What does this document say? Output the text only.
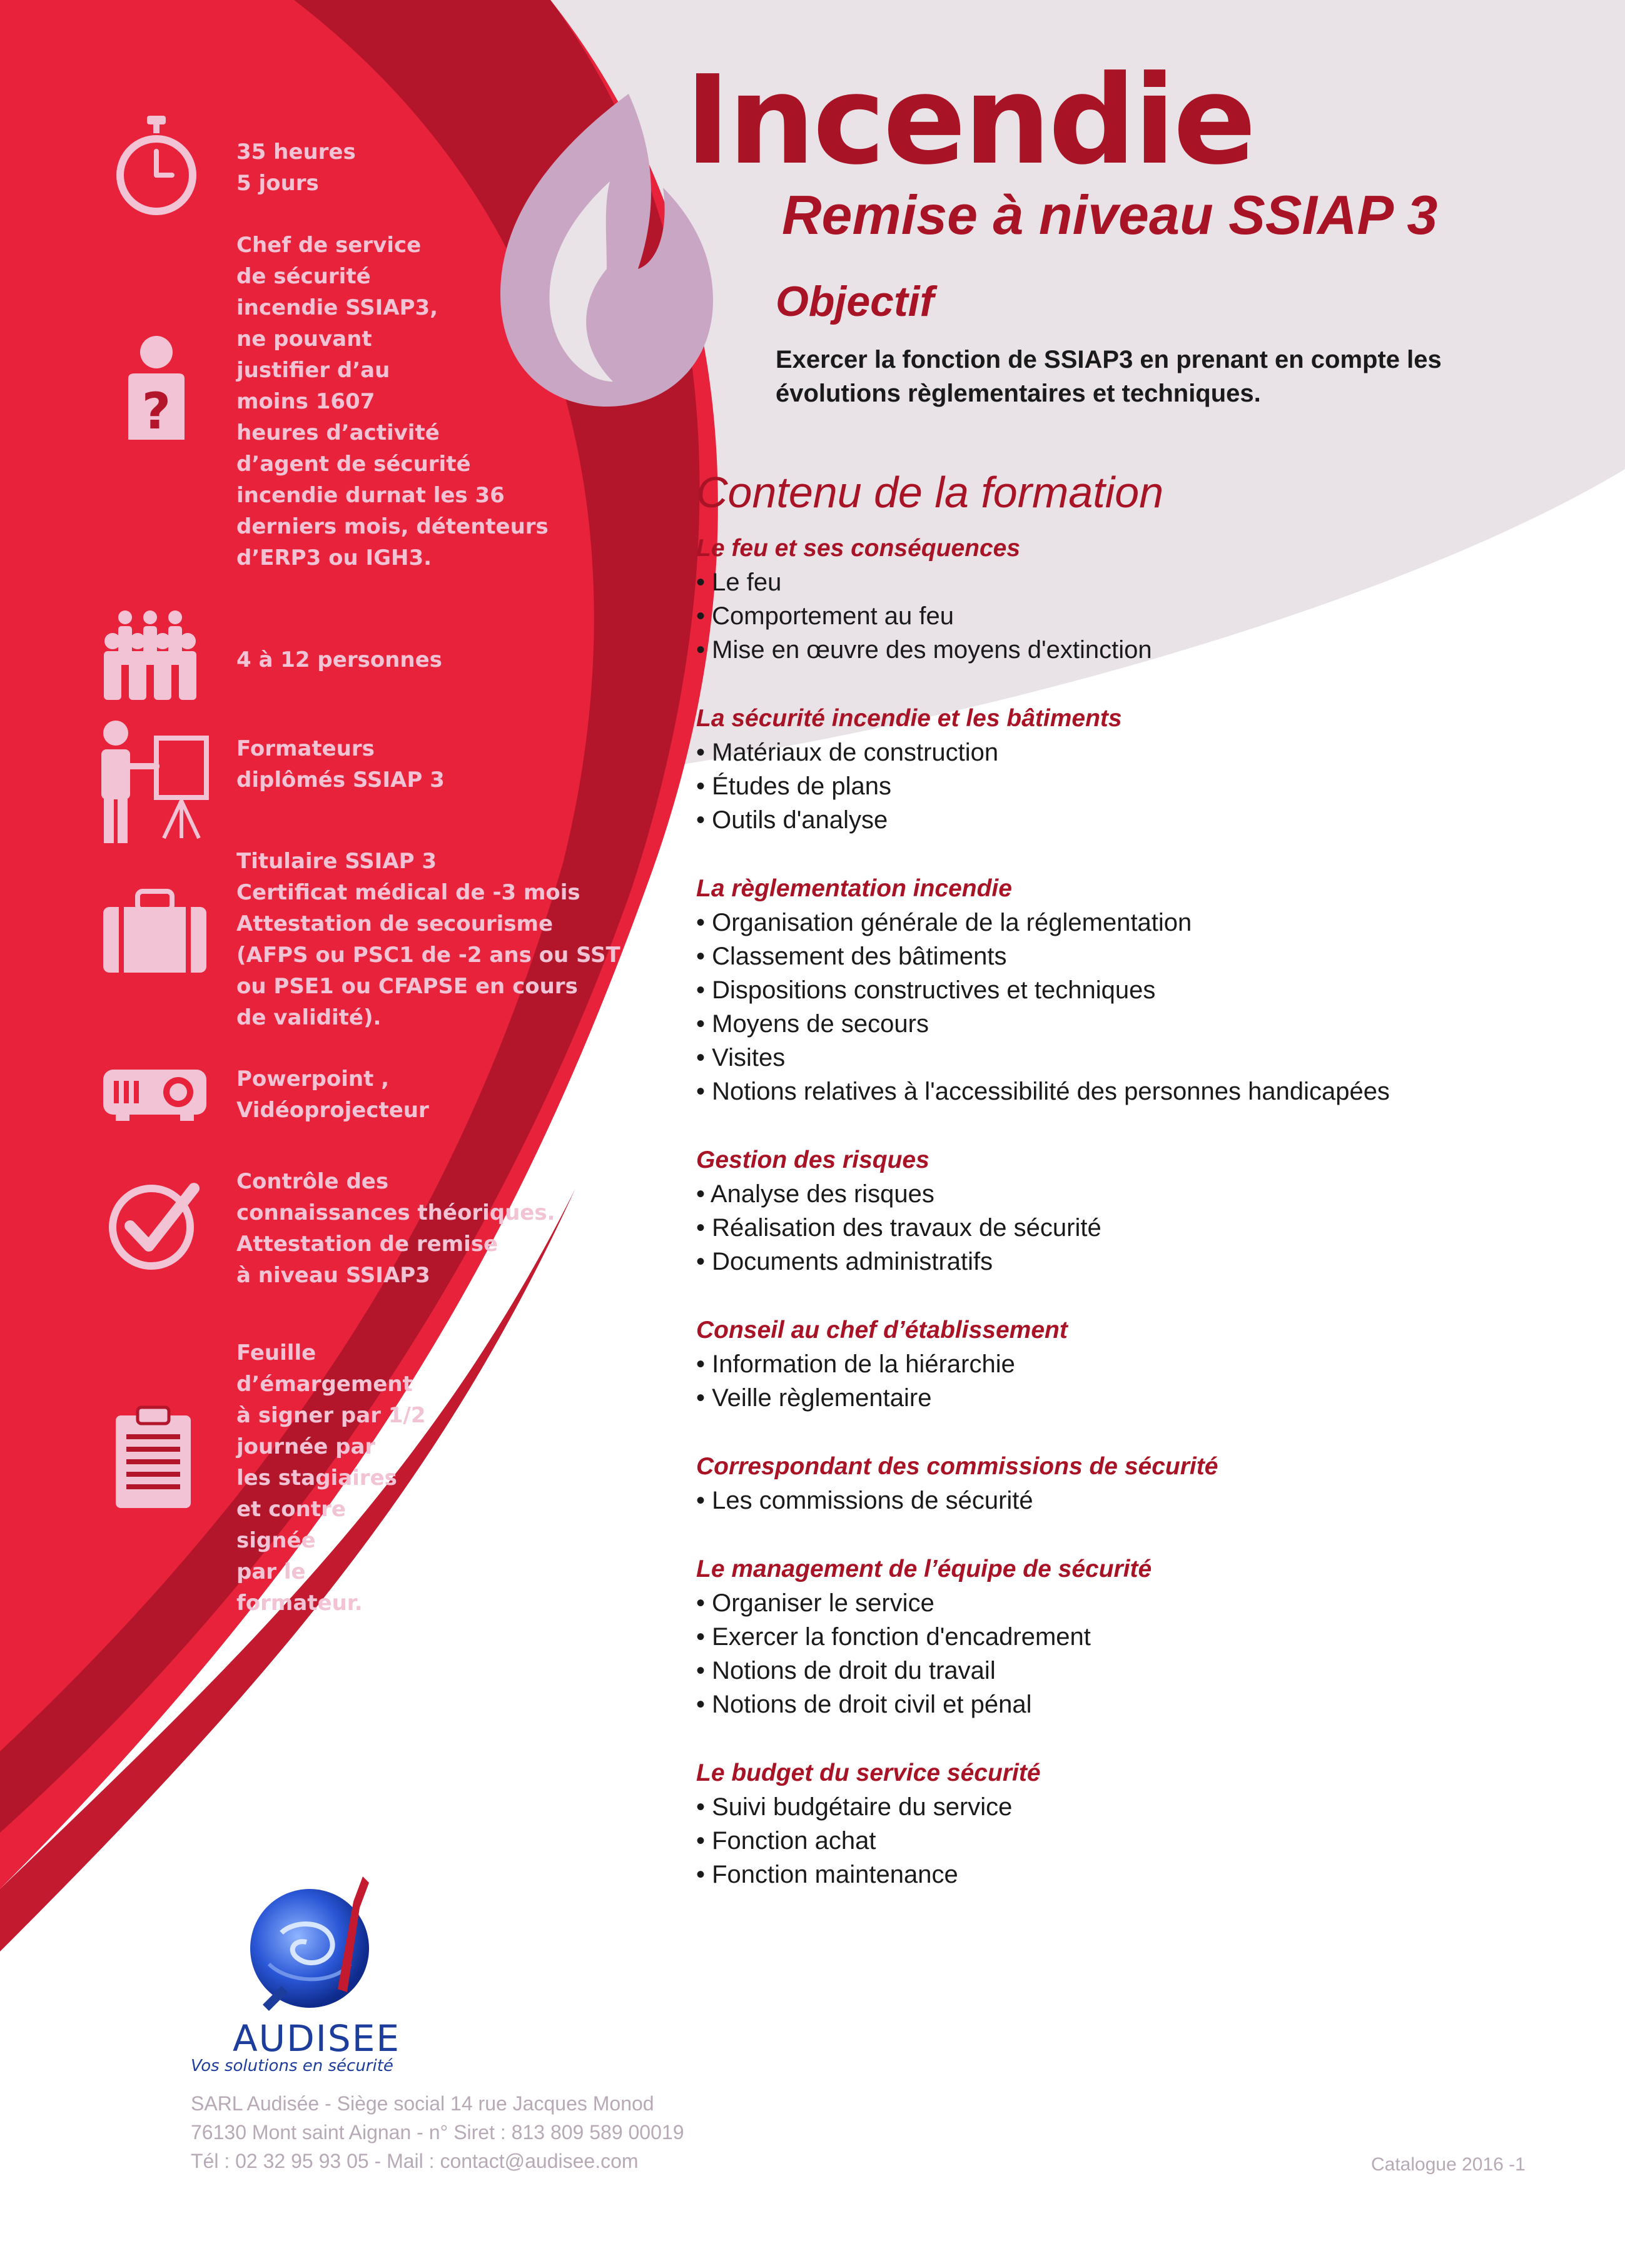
Incendie
Remise à niveau SSIAP 3
Objectif
Exercer la fonction de SSIAP3 en prenant en compte les
évolutions règlementaires et techniques.
Contenu de la formation
Le feu et ses conséquences
• Le feu
• Comportement au feu
• Mise en œuvre des moyens d'extinction
La sécurité incendie et les bâtiments
• Matériaux de construction
• Études de plans
• Outils d'analyse
La règlementation incendie
• Organisation générale de la réglementation
• Classement des bâtiments
• Dispositions constructives et techniques
• Moyens de secours
• Visites
• Notions relatives à l'accessibilité des personnes handicapées
Gestion des risques
• Analyse des risques
• Réalisation des travaux de sécurité
• Documents administratifs
Conseil au chef d’établissement
• Information de la hiérarchie
• Veille règlementaire
Correspondant des commissions de sécurité
• Les commissions de sécurité
Le management de l’équipe de sécurité
• Organiser le service
• Exercer la fonction d'encadrement
• Notions de droit du travail
• Notions de droit civil et pénal
Le budget du service sécurité
• Suivi budgétaire du service
• Fonction achat
• Fonction maintenance
?
35 heures
5 jours
Chef de service
de sécurité
incendie SSIAP3,
ne pouvant
justifier d’au
moins 1607
heures d’activité
d’agent de sécurité
incendie durnat les 36
derniers mois, détenteurs
d’ERP3 ou IGH3.
4 à 12 personnes
Formateurs
diplômés SSIAP 3
Titulaire SSIAP 3
Certificat médical de -3 mois
Attestation de secourisme
(AFPS ou PSC1 de -2 ans ou SST
ou PSE1 ou CFAPSE en cours
de validité).
Powerpoint ,
Vidéoprojecteur
Contrôle des
connaissances théoriques.
Attestation de remise
à niveau SSIAP3
Feuille
d’émargement
à signer par 1/2
journée par
les stagiaires
et contre
signée
par le
formateur.
AUDISEE
Vos solutions en sécurité
SARL Audisée - Siège social 14 rue Jacques Monod
76130 Mont saint Aignan - n° Siret : 813 809 589 00019
Tél : 02 32 95 93 05 - Mail : contact@audisee.com	Catalogue 2016 -1
